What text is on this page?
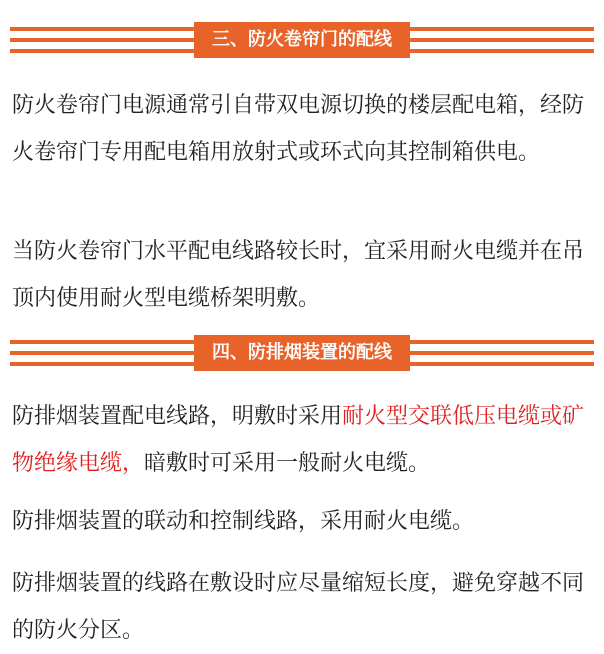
三、防火卷帘门的配线

防火卷帘门电源通常引自带双电源切换的楼层配电箱，经防火卷帘门专用配电箱用放射式或环式向其控制箱供电。

当防火卷帘门水平配电线路较长时，宜采用耐火电缆并在吊顶内使用耐火型电缆桥架明敷。

四、防排烟装置的配线

防排烟装置配电线路，明敷时采用耐火型交联低压电缆或矿物绝缘电缆，暗敷时可采用一般耐火电缆。

防排烟装置的联动和控制线路，采用耐火电缆。

防排烟装置的线路在敷设时应尽量缩短长度，避免穿越不同的防火分区。
